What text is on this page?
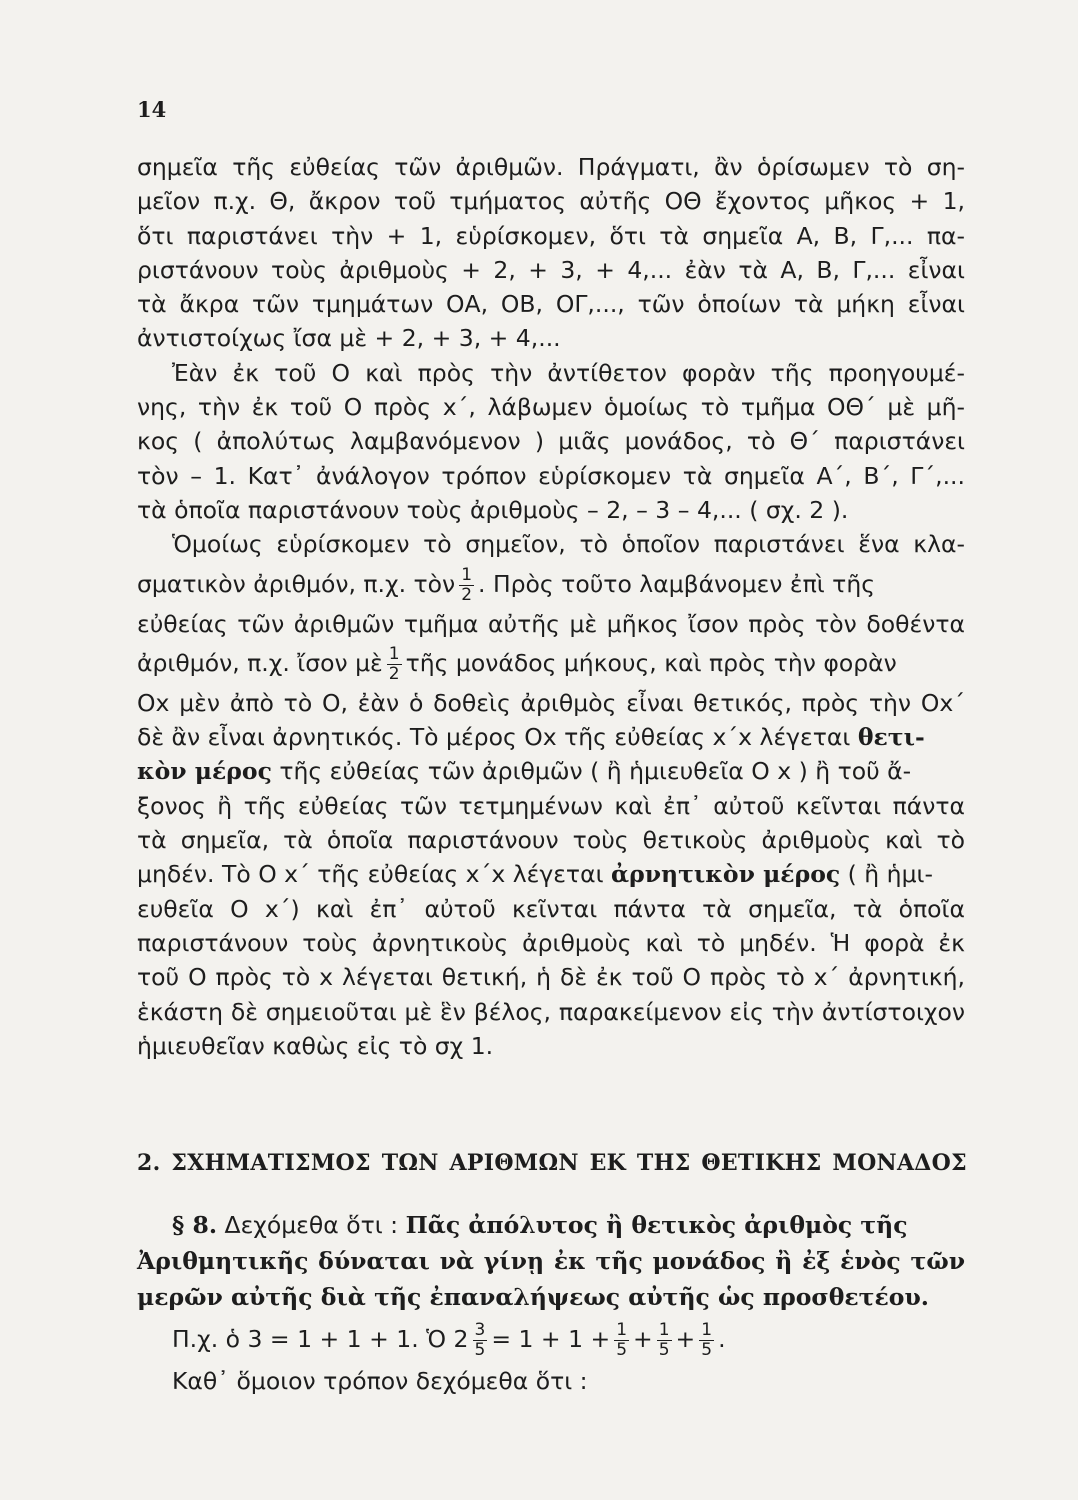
14
σημεῖα τῆς εὐθείας τῶν ἀριθμῶν. Πράγματι, ἂν ὁρίσωμεν τὸ ση-
μεῖον π.χ. Θ, ἄκρον τοῦ τμήματος αὐτῆς ΟΘ ἔχοντος μῆκος + 1,
ὅτι παριστάνει τὴν + 1, εὑρίσκομεν, ὅτι τὰ σημεῖα Α, Β, Γ,... πα-
ριστάνουν τοὺς ἀριθμοὺς + 2, + 3, + 4,... ἐὰν τὰ Α, Β, Γ,... εἶναι
τὰ ἄκρα τῶν τμημάτων ΟΑ, ΟΒ, ΟΓ,..., τῶν ὁποίων τὰ μήκη εἶναι
ἀντιστοίχως ἴσα μὲ + 2, + 3, + 4,...
Ἐὰν ἐκ τοῦ Ο καὶ πρὸς τὴν ἀντίθετον φορὰν τῆς προηγουμέ-
νης, τὴν ἐκ τοῦ Ο πρὸς x΄, λάβωμεν ὁμοίως τὸ τμῆμα ΟΘ΄ μὲ μῆ-
κος ( ἀπολύτως λαμβανόμενον ) μιᾶς μονάδος, τὸ Θ΄ παριστάνει
τὸν – 1. Κατ᾽ ἀνάλογον τρόπον εὑρίσκομεν τὰ σημεῖα Α΄, Β΄, Γ΄,...
τὰ ὁποῖα παριστάνουν τοὺς ἀριθμοὺς – 2, – 3 – 4,... ( σχ. 2 ).
Ὁμοίως εὑρίσκομεν τὸ σημεῖον, τὸ ὁποῖον παριστάνει ἕνα κλα-
σματικὸν ἀριθμόν, π.χ. τὸν $\frac{1}{2}$ . Πρὸς τοῦτο λαμβάνομεν ἐπὶ τῆς
εὐθείας τῶν ἀριθμῶν τμῆμα αὐτῆς μὲ μῆκος ἴσον πρὸς τὸν δοθέντα
ἀριθμόν, π.χ. ἴσον μὲ $\frac{1}{2}$ τῆς μονάδος μήκους, καὶ πρὸς τὴν φορὰν
Οx μὲν ἀπὸ τὸ Ο, ἐὰν ὁ δοθεὶς ἀριθμὸς εἶναι θετικός, πρὸς τὴν Οx΄
δὲ ἂν εἶναι ἀρνητικός. Τὸ μέρος Οx τῆς εὐθείας x΄x λέγεται θετι-
κὸν μέρος τῆς εὐθείας τῶν ἀριθμῶν ( ἢ ἡμιευθεῖα Ο x ) ἢ τοῦ ἄ-
ξονος ἢ τῆς εὐθείας τῶν τετμημένων καὶ ἐπ᾽ αὐτοῦ κεῖνται πάντα
τὰ σημεῖα, τὰ ὁποῖα παριστάνουν τοὺς θετικοὺς ἀριθμοὺς καὶ τὸ
μηδέν. Τὸ Ο x΄ τῆς εὐθείας x΄x λέγεται ἀρνητικὸν μέρος ( ἢ ἡμι-
ευθεῖα Ο x΄) καὶ ἐπ᾽ αὐτοῦ κεῖνται πάντα τὰ σημεῖα, τὰ ὁποῖα
παριστάνουν τοὺς ἀρνητικοὺς ἀριθμοὺς καὶ τὸ μηδέν. Ἡ φορὰ ἐκ
τοῦ Ο πρὸς τὸ x λέγεται θετική, ἡ δὲ ἐκ τοῦ Ο πρὸς τὸ x΄ ἀρνητική,
ἑκάστη δὲ σημειοῦται μὲ ἓν βέλος, παρακείμενον εἰς τὴν ἀντίστοιχον
ἡμιευθεῖαν καθὼς εἰς τὸ σχ 1.
2. ΣΧΗΜΑΤΙΣΜΟΣ ΤΩΝ ΑΡΙΘΜΩΝ ΕΚ ΤΗΣ ΘΕΤΙΚΗΣ ΜΟΝΑΔΟΣ
§ 8. Δεχόμεθα ὅτι : Πᾶς ἀπόλυτος ἢ θετικὸς ἀριθμὸς τῆς
Ἀριθμητικῆς δύναται νὰ γίνῃ ἐκ τῆς μονάδος ἢ ἐξ ἑνὸς τῶν
μερῶν αὐτῆς διὰ τῆς ἐπαναλήψεως αὐτῆς ὡς προσθετέου.
Π.χ. ὁ 3 = 1 + 1 + 1. Ὁ $2 \frac{3}{5} = 1 + 1 + \frac{1}{5} + \frac{1}{5} + \frac{1}{5}$ .
Καθ᾽ ὅμοιον τρόπον δεχόμεθα ὅτι :
